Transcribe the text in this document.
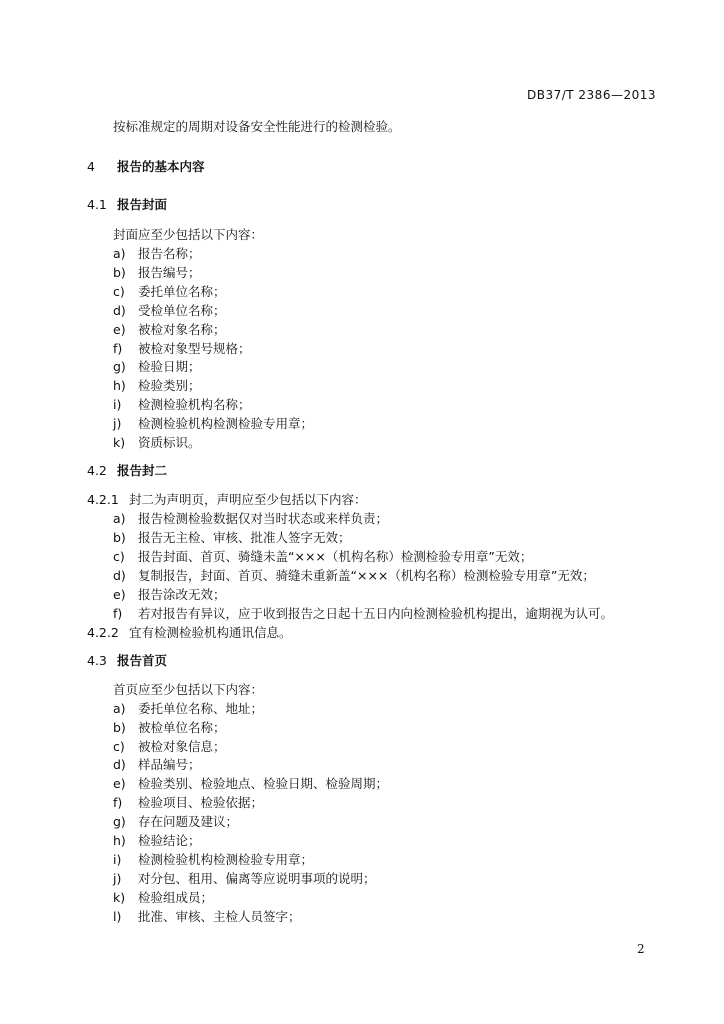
DB37/T 2386—2013
按标准规定的周期对设备安全性能进行的检测检验。
4 报告的基本内容
4.1 报告封面
封面应至少包括以下内容：
a) 报告名称；
b) 报告编号；
c) 委托单位名称；
d) 受检单位名称；
e) 被检对象名称；
f) 被检对象型号规格；
g) 检验日期；
h) 检验类别；
i) 检测检验机构名称；
j) 检测检验机构检测检验专用章；
k) 资质标识。
4.2 报告封二
4.2.1 封二为声明页，声明应至少包括以下内容：
a) 报告检测检验数据仅对当时状态或来样负责；
b) 报告无主检、审核、批准人签字无效；
c) 报告封面、首页、骑缝未盖“×××（机构名称）检测检验专用章”无效；
d) 复制报告，封面、首页、骑缝未重新盖“×××（机构名称）检测检验专用章”无效；
e) 报告涂改无效；
f) 若对报告有异议，应于收到报告之日起十五日内向检测检验机构提出，逾期视为认可。
4.2.2 宜有检测检验机构通讯信息。
4.3 报告首页
首页应至少包括以下内容：
a) 委托单位名称、地址；
b) 被检单位名称；
c) 被检对象信息；
d) 样品编号；
e) 检验类别、检验地点、检验日期、检验周期；
f) 检验项目、检验依据；
g) 存在问题及建议；
h) 检验结论；
i) 检测检验机构检测检验专用章；
j) 对分包、租用、偏离等应说明事项的说明；
k) 检验组成员；
l) 批准、审核、主检人员签字；
2
